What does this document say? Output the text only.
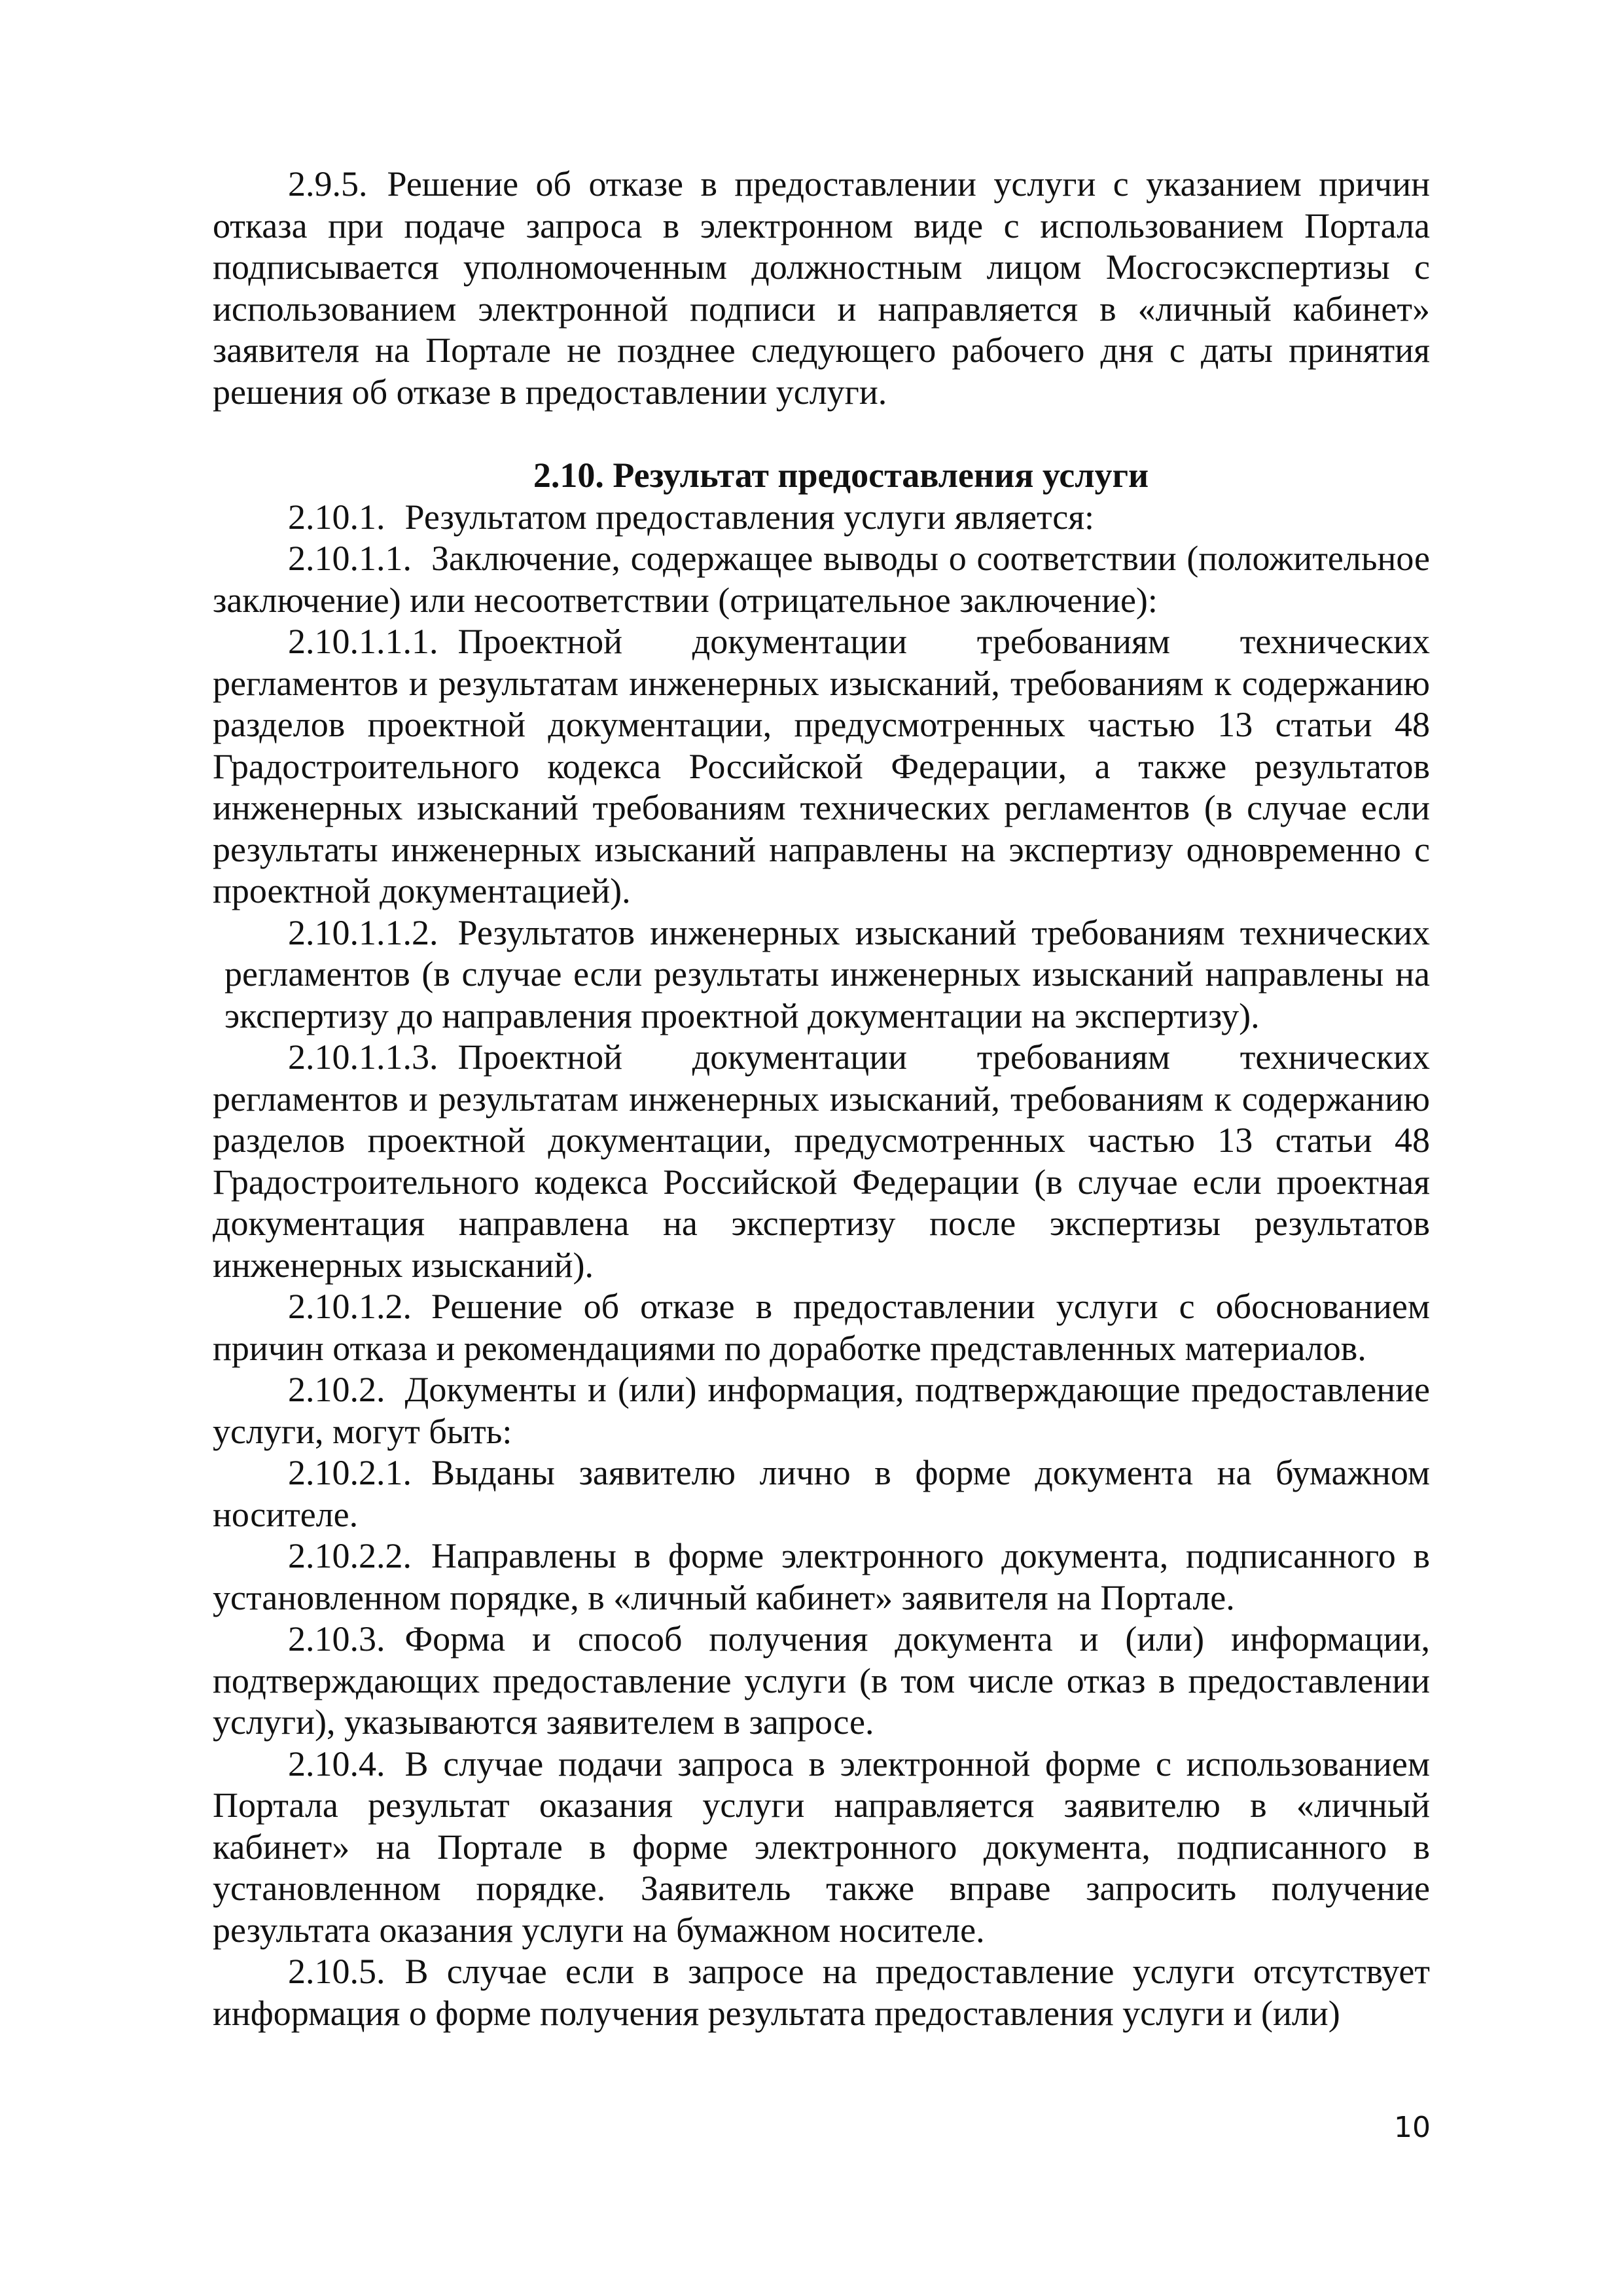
2.9.5. Решение об отказе в предоставлении услуги с указанием причин отказа при подаче запроса в электронном виде с использованием Портала подписывается уполномоченным должностным лицом Мосгосэкспертизы с использованием электронной подписи и направляется в «личный кабинет» заявителя на Портале не позднее следующего рабочего дня с даты принятия решения об отказе в предоставлении услуги.

2.10. Результат предоставления услуги

2.10.1. Результатом предоставления услуги является:

2.10.1.1. Заключение, содержащее выводы о соответствии (положительное заключение) или несоответствии (отрицательное заключение):

2.10.1.1.1. Проектной документации требованиям технических регламентов и результатам инженерных изысканий, требованиям к содержанию разделов проектной документации, предусмотренных частью 13 статьи 48 Градостроительного кодекса Российской Федерации, а также результатов инженерных изысканий требованиям технических регламентов (в случае если результаты инженерных изысканий направлены на экспертизу одновременно с проектной документацией).

2.10.1.1.2. Результатов инженерных изысканий требованиям технических регламентов (в случае если результаты инженерных изысканий направлены на экспертизу до направления проектной документации на экспертизу).

2.10.1.1.3. Проектной документации требованиям технических регламентов и результатам инженерных изысканий, требованиям к содержанию разделов проектной документации, предусмотренных частью 13 статьи 48 Градостроительного кодекса Российской Федерации (в случае если проектная документация направлена на экспертизу после экспертизы результатов инженерных изысканий).

2.10.1.2. Решение об отказе в предоставлении услуги с обоснованием причин отказа и рекомендациями по доработке представленных материалов.

2.10.2. Документы и (или) информация, подтверждающие предоставление услуги, могут быть:

2.10.2.1. Выданы заявителю лично в форме документа на бумажном носителе.

2.10.2.2. Направлены в форме электронного документа, подписанного в установленном порядке, в «личный кабинет» заявителя на Портале.

2.10.3. Форма и способ получения документа и (или) информации, подтверждающих предоставление услуги (в том числе отказ в предоставлении услуги), указываются заявителем в запросе.

2.10.4. В случае подачи запроса в электронной форме с использованием Портала результат оказания услуги направляется заявителю в «личный кабинет» на Портале в форме электронного документа, подписанного в установленном порядке. Заявитель также вправе запросить получение результата оказания услуги на бумажном носителе.

2.10.5. В случае если в запросе на предоставление услуги отсутствует информация о форме получения результата предоставления услуги и (или)

10
